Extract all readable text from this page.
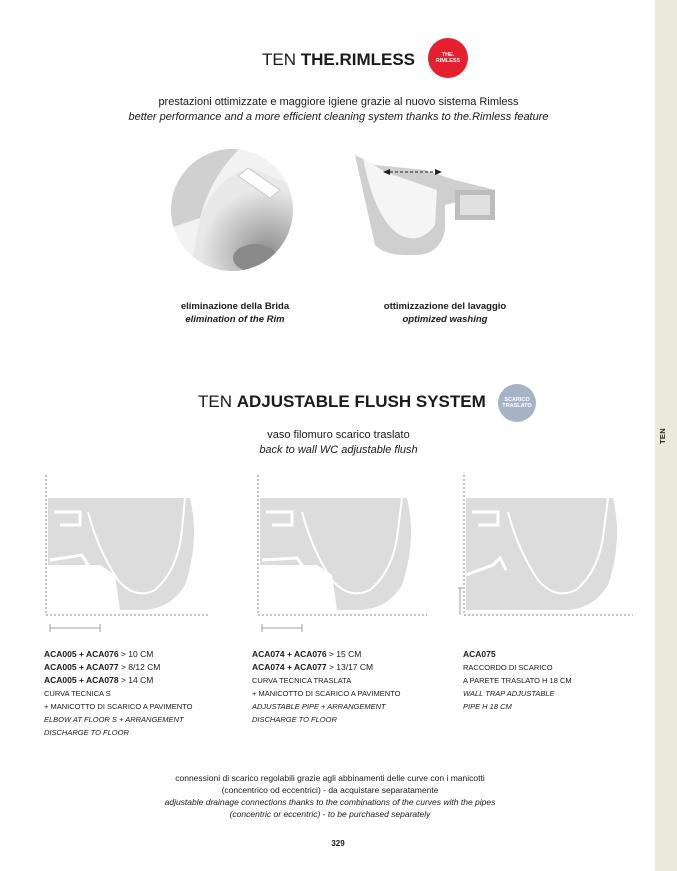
TEN
TEN THE.RIMLESS	THE.
RIMLESS
prestazioni ottimizzate e maggiore igiene grazie al nuovo sistema Rimless
better performance and a more efficient cleaning system thanks to the.Rimless feature
eliminazione della Brida
elimination of the Rim
ottimizzazione del lavaggio
optimized washing
TEN ADJUSTABLE FLUSH SYSTEM	SCARICO
TRASLATO
vaso filomuro scarico traslato
back to wall WC adjustable flush
ACA005 + ACA076 > 10 CM
ACA005 + ACA077 > 8/12 CM
ACA005 + ACA078 > 14 CM
CURVA TECNICA S
+ MANICOTTO DI SCARICO A PAVIMENTO
ELBOW AT FLOOR S + ARRANGEMENT
DISCHARGE TO FLOOR
ACA074 + ACA076 > 15 CM
ACA074 + ACA077 > 13/17 CM
CURVA TECNICA TRASLATA
+ MANICOTTO DI SCARICO A PAVIMENTO
ADJUSTABLE PIPE + ARRANGEMENT
DISCHARGE TO FLOOR
ACA075
RACCORDO DI SCARICO
A PARETE TRASLATO H 18 CM
WALL TRAP ADJUSTABLE
PIPE H 18 CM
connessioni di scarico regolabili grazie agli abbinamenti delle curve con i manicotti
(concentrico od eccentrici) - da acquistare separatamente
adjustable drainage connections thanks to the combinations of the curves with the pipes
(concentric or eccentric) - to be purchased separately
329
